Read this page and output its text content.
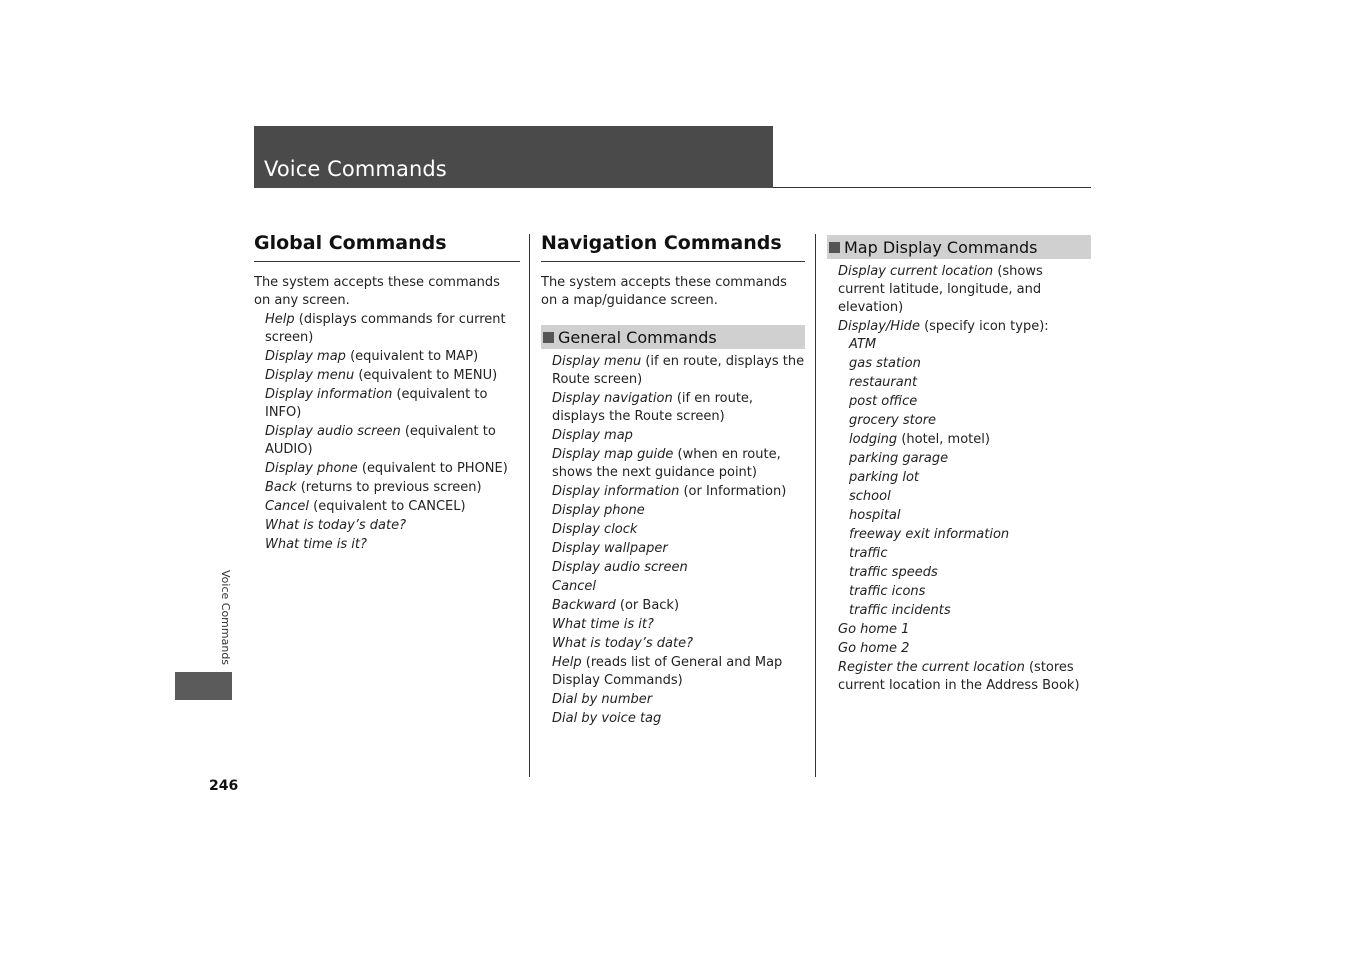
Voice Commands
Global Commands

The system accepts these commands on any screen.

Help (displays commands for current screen)
Display map (equivalent to MAP)
Display menu (equivalent to MENU)
Display information (equivalent to INFO)
Display audio screen (equivalent to AUDIO)
Display phone (equivalent to PHONE)
Back (returns to previous screen)
Cancel (equivalent to CANCEL)
What is today’s date?
What time is it?
Navigation Commands

The system accepts these commands on a map/guidance screen.

General Commands
Display menu (if en route, displays the Route screen)
Display navigation (if en route, displays the Route screen)
Display map
Display map guide (when en route, shows the next guidance point)
Display information (or Information)
Display phone
Display clock
Display wallpaper
Display audio screen
Cancel
Backward (or Back)
What time is it?
What is today’s date?
Help (reads list of General and Map Display Commands)
Dial by number
Dial by voice tag
Map Display Commands
Display current location (shows current latitude, longitude, and elevation)
Display/Hide (specify icon type):
ATM
gas station
restaurant
post office
grocery store
lodging (hotel, motel)
parking garage
parking lot
school
hospital
freeway exit information
traffic
traffic speeds
traffic icons
traffic incidents
Go home 1
Go home 2
Register the current location (stores current location in the Address Book)
Voice Commands
246
